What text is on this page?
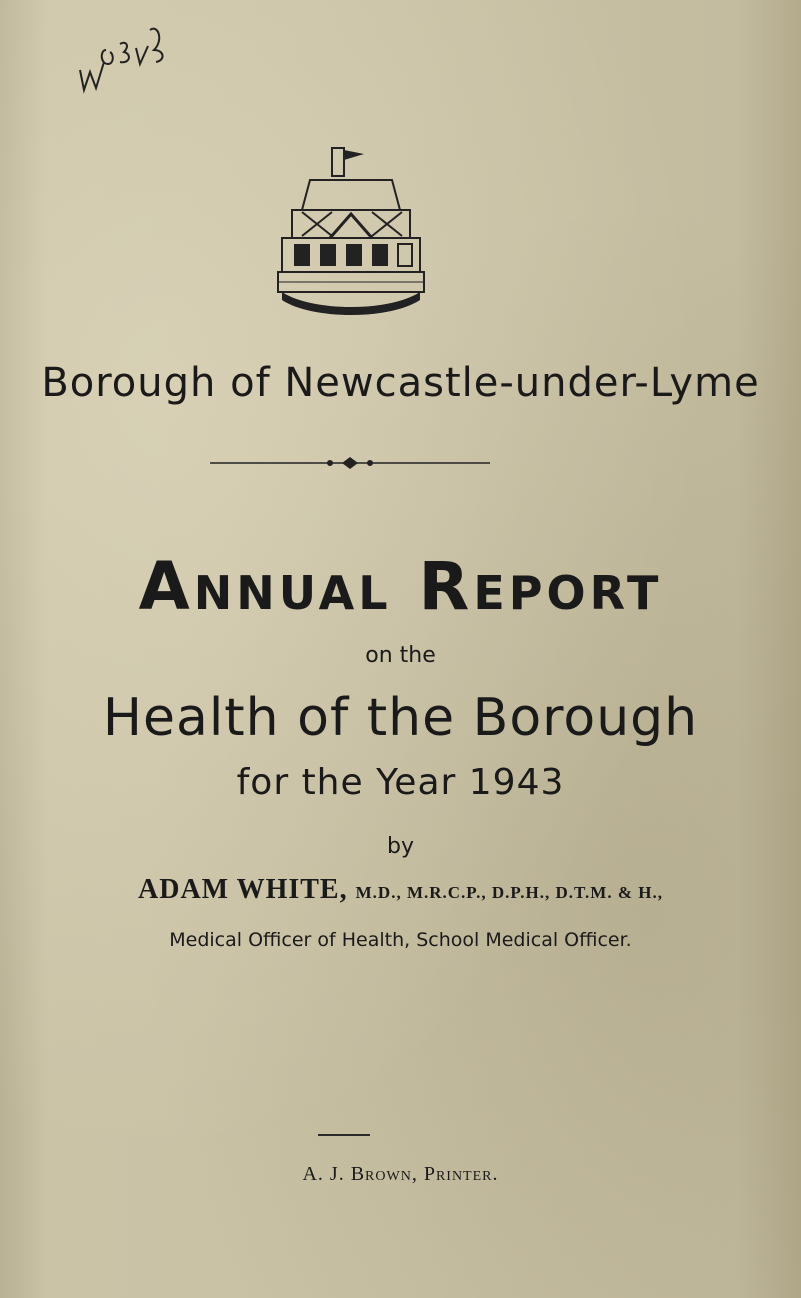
Borough of Newcastle-under-Lyme
Annual Report
on the
Health of the Borough
for the Year 1943
by
ADAM WHITE, M.D., M.R.C.P., D.P.H., D.T.M. & H.,
Medical Officer of Health, School Medical Officer.
A. J. Brown, Printer.
